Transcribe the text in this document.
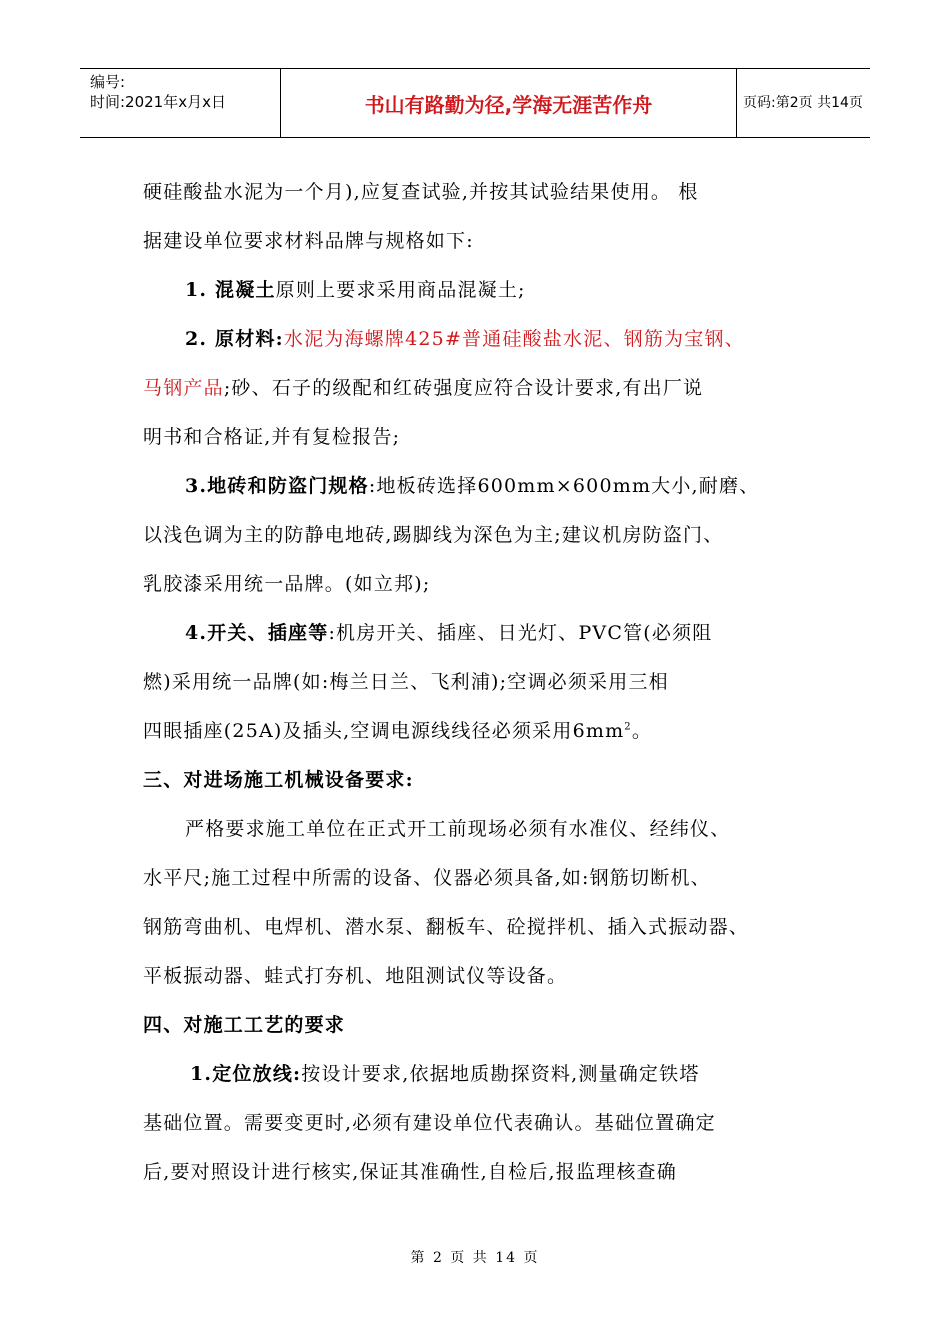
编号:
时间:2021年x月x日	书山有路勤为径,学海无涯苦作舟	页码:第2页 共14页
硬硅酸盐水泥为一个月),应复查试验,并按其试验结果使用。 根
据建设单位要求材料品牌与规格如下:
1. 混凝土原则上要求采用商品混凝土;
2. 原材料:水泥为海螺牌425#普通硅酸盐水泥、钢筋为宝钢、
马钢产品;砂、石子的级配和红砖强度应符合设计要求,有出厂说
明书和合格证,并有复检报告;
3.地砖和防盗门规格:地板砖选择600mm×600mm大小,耐磨、
以浅色调为主的防静电地砖,踢脚线为深色为主;建议机房防盗门、
乳胶漆采用统一品牌。(如立邦);
4.开关、插座等:机房开关、插座、日光灯、PVC管(必须阻
燃)采用统一品牌(如:梅兰日兰、飞利浦);空调必须采用三相
四眼插座(25A)及插头,空调电源线线径必须采用$6mm^2$。
三、对进场施工机械设备要求:
严格要求施工单位在正式开工前现场必须有水准仪、经纬仪、
水平尺;施工过程中所需的设备、仪器必须具备,如:钢筋切断机、
钢筋弯曲机、电焊机、潜水泵、翻板车、砼搅拌机、插入式振动器、
平板振动器、蛙式打夯机、地阻测试仪等设备。
四、对施工工艺的要求
1.定位放线:按设计要求,依据地质勘探资料,测量确定铁塔
基础位置。需要变更时,必须有建设单位代表确认。基础位置确定
后,要对照设计进行核实,保证其准确性,自检后,报监理核查确
第 2 页 共 14 页
